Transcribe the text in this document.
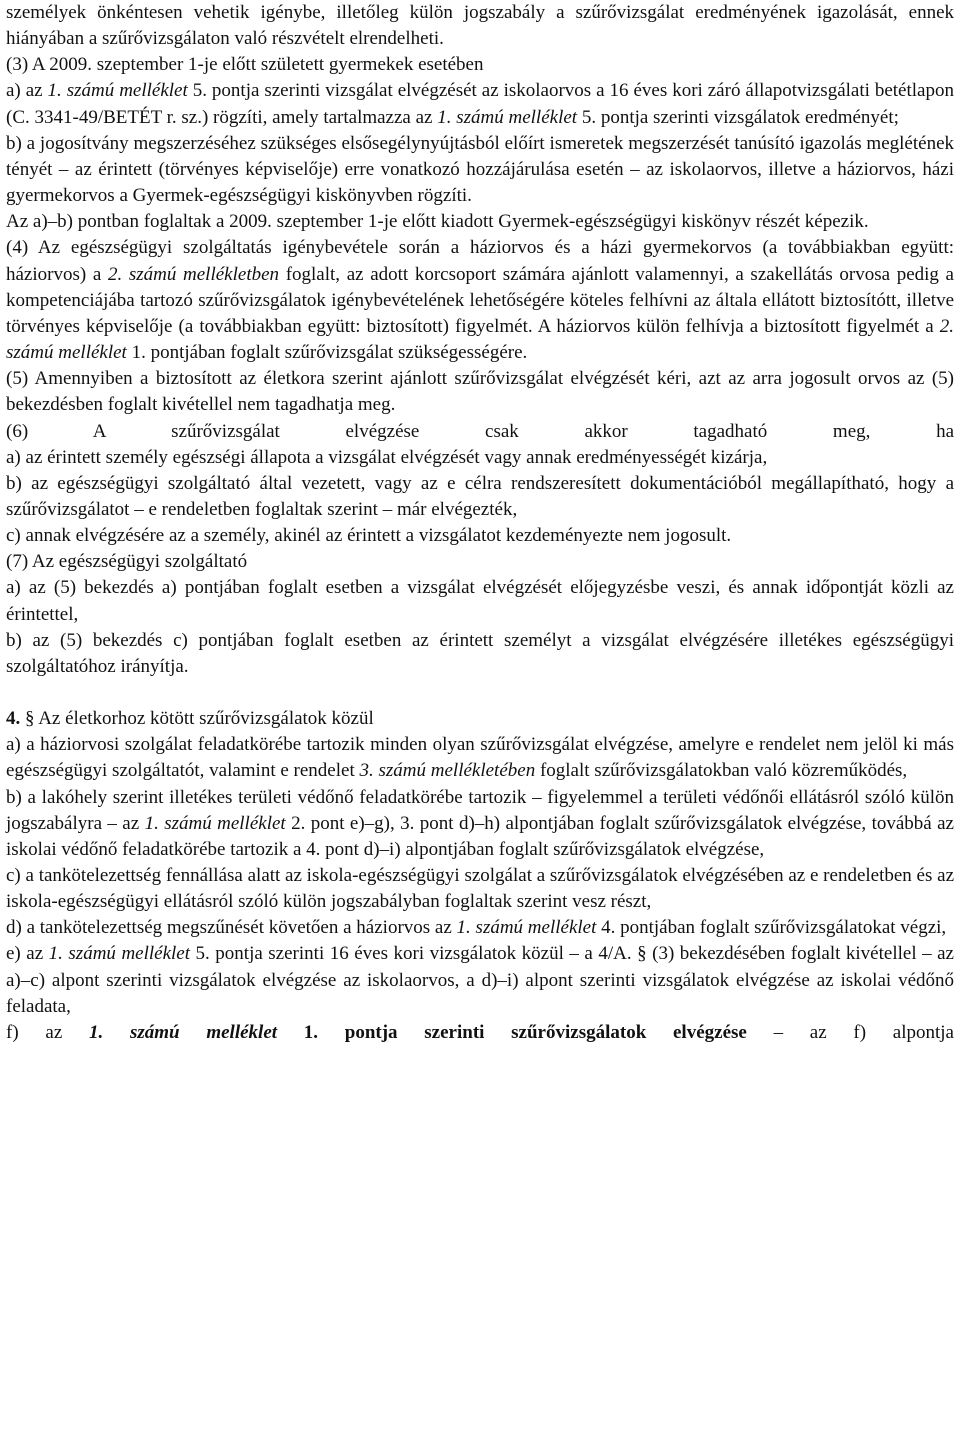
személyek önkéntesen vehetik igénybe, illetőleg külön jogszabály a szűrővizsgálat eredményének igazolását, ennek hiányában a szűrővizsgálaton való részvételt elrendelheti.

(3) A 2009. szeptember 1-je előtt született gyermekek esetében

a) az 1. számú melléklet 5. pontja szerinti vizsgálat elvégzését az iskolaorvos a 16 éves kori záró állapotvizsgálati betétlapon (C. 3341-49/BETÉT r. sz.) rögzíti, amely tartalmazza az 1. számú melléklet 5. pontja szerinti vizsgálatok eredményét;

b) a jogosítvány megszerzéséhez szükséges elsősegélynyújtásból előírt ismeretek megszerzését tanúsító igazolás meglétének tényét – az érintett (törvényes képviselője) erre vonatkozó hozzájárulása esetén – az iskolaorvos, illetve a háziorvos, házi gyermekorvos a Gyermek-egészségügyi kiskönyvben rögzíti.

Az a)–b) pontban foglaltak a 2009. szeptember 1-je előtt kiadott Gyermek-egészségügyi kiskönyv részét képezik.

(4) Az egészségügyi szolgáltatás igénybevétele során a háziorvos és a házi gyermekorvos (a továbbiakban együtt: háziorvos) a 2. számú mellékletben foglalt, az adott korcsoport számára ajánlott valamennyi, a szakellátás orvosa pedig a kompetenciájába tartozó szűrővizsgálatok igénybevételének lehetőségére köteles felhívni az általa ellátott biztosítótt, illetve törvényes képviselője (a továbbiakban együtt: biztosított) figyelmét. A háziorvos külön felhívja a biztosított figyelmét a 2. számú melléklet 1. pontjában foglalt szűrővizsgálat szükségességére.

(5) Amennyiben a biztosított az életkora szerint ajánlott szűrővizsgálat elvégzését kéri, azt az arra jogosult orvos az (5) bekezdésben foglalt kivétellel nem tagadhatja meg.

(6) A szűrővizsgálat elvégzése csak akkor tagadható meg, ha

a) az érintett személy egészségi állapota a vizsgálat elvégzését vagy annak eredményességét kizárja,

b) az egészségügyi szolgáltató által vezetett, vagy az e célra rendszeresített dokumentációból megállapítható, hogy a szűrővizsgálatot – e rendeletben foglaltak szerint – már elvégezték,

c) annak elvégzésére az a személy, akinél az érintett a vizsgálatot kezdeményezte nem jogosult.

(7) Az egészségügyi szolgáltató

a) az (5) bekezdés a) pontjában foglalt esetben a vizsgálat elvégzését előjegyzésbe veszi, és annak időpontját közli az érintettel,

b) az (5) bekezdés c) pontjában foglalt esetben az érintett személyt a vizsgálat elvégzésére illetékes egészségügyi szolgáltatóhoz irányítja.

4. § Az életkorhoz kötött szűrővizsgálatok közül

a) a háziorvosi szolgálat feladatkörébe tartozik minden olyan szűrővizsgálat elvégzése, amelyre e rendelet nem jelöl ki más egészségügyi szolgáltatót, valamint e rendelet 3. számú mellékletében foglalt szűrővizsgálatokban való közreműködés,

b) a lakóhely szerint illetékes területi védőnő feladatkörébe tartozik – figyelemmel a területi védőnői ellátásról szóló külön jogszabályra – az 1. számú melléklet 2. pont e)–g), 3. pont d)–h) alpontjában foglalt szűrővizsgálatok elvégzése, továbbá az iskolai védőnő feladatkörébe tartozik a 4. pont d)–i) alpontjában foglalt szűrővizsgálatok elvégzése,

c) a tankötelezettség fennállása alatt az iskola-egészségügyi szolgálat a szűrővizsgálatok elvégzésében az e rendeletben és az iskola-egészségügyi ellátásról szóló külön jogszabályban foglaltak szerint vesz részt,

d) a tankötelezettség megszűnését követően a háziorvos az 1. számú melléklet 4. pontjában foglalt szűrővizsgálatokat végzi,

e) az 1. számú melléklet 5. pontja szerinti 16 éves kori vizsgálatok közül – a 4/A. § (3) bekezdésében foglalt kivétellel – az a)–c) alpont szerinti vizsgálatok elvégzése az iskolaorvos, a d)–i) alpont szerinti vizsgálatok elvégzése az iskolai védőnő feladata,

f) az 1. számú melléklet 1. pontja szerinti szűrővizsgálatok elvégzése – az f) alpontja
